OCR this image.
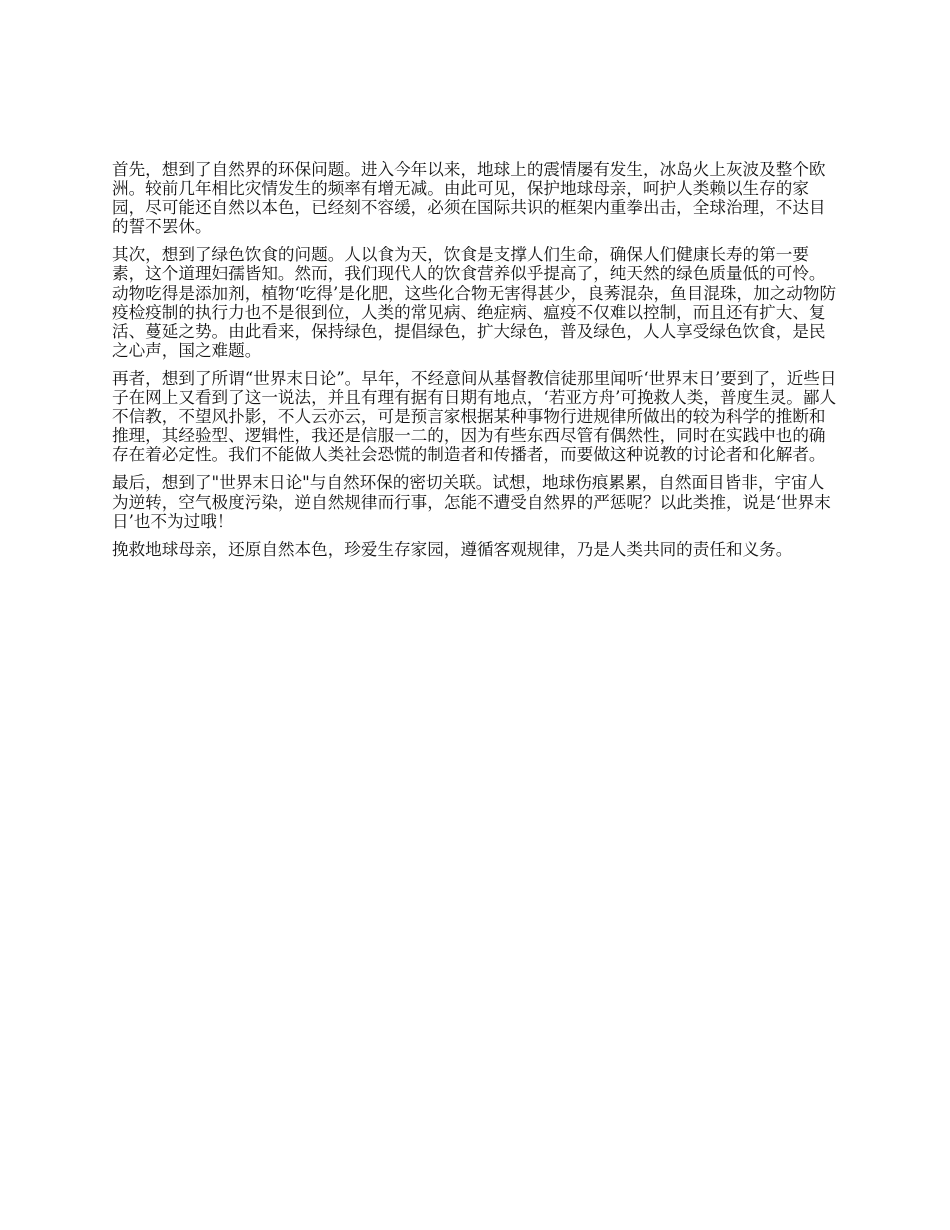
首先，想到了自然界的环保问题。进入今年以来，地球上的震情屡有发生，冰岛火上灰波及整个欧洲。较前几年相比灾情发生的频率有增无减。由此可见，保护地球母亲，呵护人类赖以生存的家园，尽可能还自然以本色，已经刻不容缓，必须在国际共识的框架内重拳出击，全球治理，不达目的誓不罢休。

其次，想到了绿色饮食的问题。人以食为天，饮食是支撑人们生命，确保人们健康长寿的第一要素，这个道理妇孺皆知。然而，我们现代人的饮食营养似乎提高了，纯天然的绿色质量低的可怜。动物吃得是添加剂，植物‘吃得’是化肥，这些化合物无害得甚少，良莠混杂，鱼目混珠，加之动物防疫检疫制的执行力也不是很到位，人类的常见病、绝症病、瘟疫不仅难以控制，而且还有扩大、复活、蔓延之势。由此看来，保持绿色，提倡绿色，扩大绿色，普及绿色，人人享受绿色饮食，是民之心声，国之难题。

再者，想到了所谓“世界末日论”。早年，不经意间从基督教信徒那里闻听‘世界末日’要到了，近些日子在网上又看到了这一说法，并且有理有据有日期有地点，‘若亚方舟’可挽救人类，普度生灵。鄙人不信教，不望风扑影，不人云亦云，可是预言家根据某种事物行进规律所做出的较为科学的推断和推理，其经验型、逻辑性，我还是信服一二的，因为有些东西尽管有偶然性，同时在实践中也的确存在着必定性。我们不能做人类社会恐慌的制造者和传播者，而要做这种说教的讨论者和化解者。

最后，想到了"世界末日论"与自然环保的密切关联。试想，地球伤痕累累，自然面目皆非，宇宙人为逆转，空气极度污染，逆自然规律而行事，怎能不遭受自然界的严惩呢？以此类推，说是‘世界末日’也不为过哦！

挽救地球母亲，还原自然本色，珍爱生存家园，遵循客观规律，乃是人类共同的责任和义务。
